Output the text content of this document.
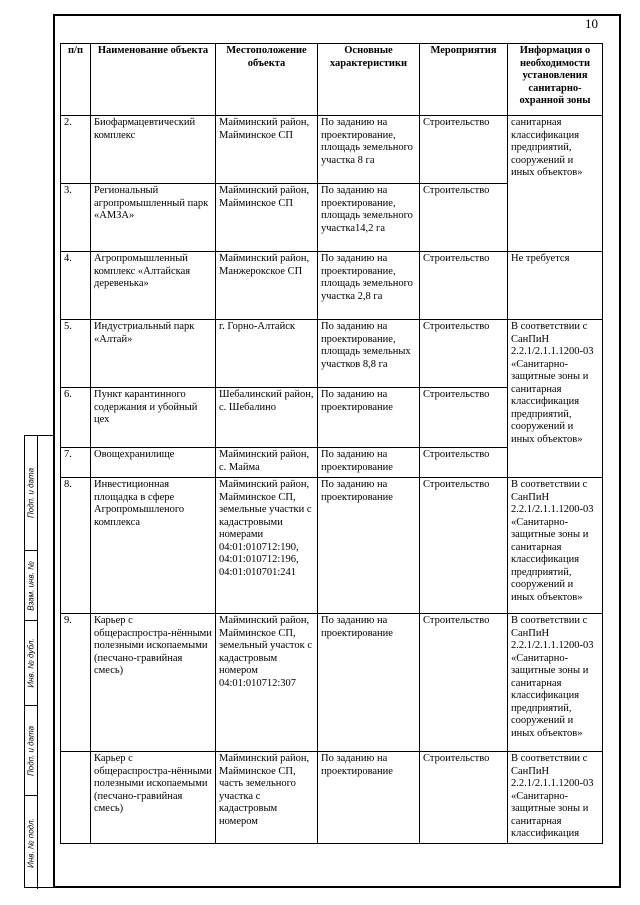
10
Подп. и дата
Взам. инв. №
Инв. № дубл.
Подп. и дата
Инв. № подл.
п/п	Наименование объекта	Местоположение объекта	Основные характеристики	Мероприятия	Информация о необходимости установления санитарно-охранной зоны
2.	Биофармацевтический комплекс	Майминский район, Майминское СП	По заданию на проектирование, площадь земельного участка 8 га	Строительство	санитарная классификация предприятий, сооружений и иных объектов»
3.	Региональный агропромышленный парк «АМЗА»	Майминский район, Майминское СП	По заданию на проектирование, площадь земельного участка14,2 га	Строительство	
4.	Агропромышленный комплекс «Алтайская деревенька»	Майминский район, Манжерокское СП	По заданию на проектирование, площадь земельного участка 2,8 га	Строительство	Не требуется
5.	Индустриальный парк «Алтай»	г. Горно-Алтайск	По заданию на проектирование, площадь земельных участков 8,8 га	Строительство	В соответствии с СанПиН 2.2.1/2.1.1.1200-03 «Санитарно-защитные зоны и санитарная классификация предприятий, сооружений и иных объектов»
6.	Пункт карантинного содержания и убойный цех	Шебалинский район, с. Шебалино	По заданию на проектирование	Строительство	
7.	Овощехранилище	Майминский район, с. Майма	По заданию на проектирование	Строительство	
8.	Инвестиционная площадка в сфере Агропромышленого комплекса	Майминский район, Майминское СП, земельные участки с кадастровыми номерами 04:01:010712:190, 04:01:010712:196, 04:01:010701:241	По заданию на проектирование	Строительство	В соответствии с СанПиН 2.2.1/2.1.1.1200-03 «Санитарно-защитные зоны и санитарная классификация предприятий, сооружений и иных объектов»
9.	Карьер с общераспростра-нёнными полезными ископаемыми (песчано-гравийная смесь)	Майминский район, Майминское СП, земельный участок с кадастровым номером 04:01:010712:307	По заданию на проектирование	Строительство	В соответствии с СанПиН 2.2.1/2.1.1.1200-03 «Санитарно-защитные зоны и санитарная классификация предприятий, сооружений и иных объектов»
	Карьер с общераспростра-нёнными полезными ископаемыми (песчано-гравийная смесь)	Майминский район, Майминское СП, часть земельного участка с кадастровым номером	По заданию на проектирование	Строительство	В соответствии с СанПиН 2.2.1/2.1.1.1200-03 «Санитарно-защитные зоны и санитарная классификация
